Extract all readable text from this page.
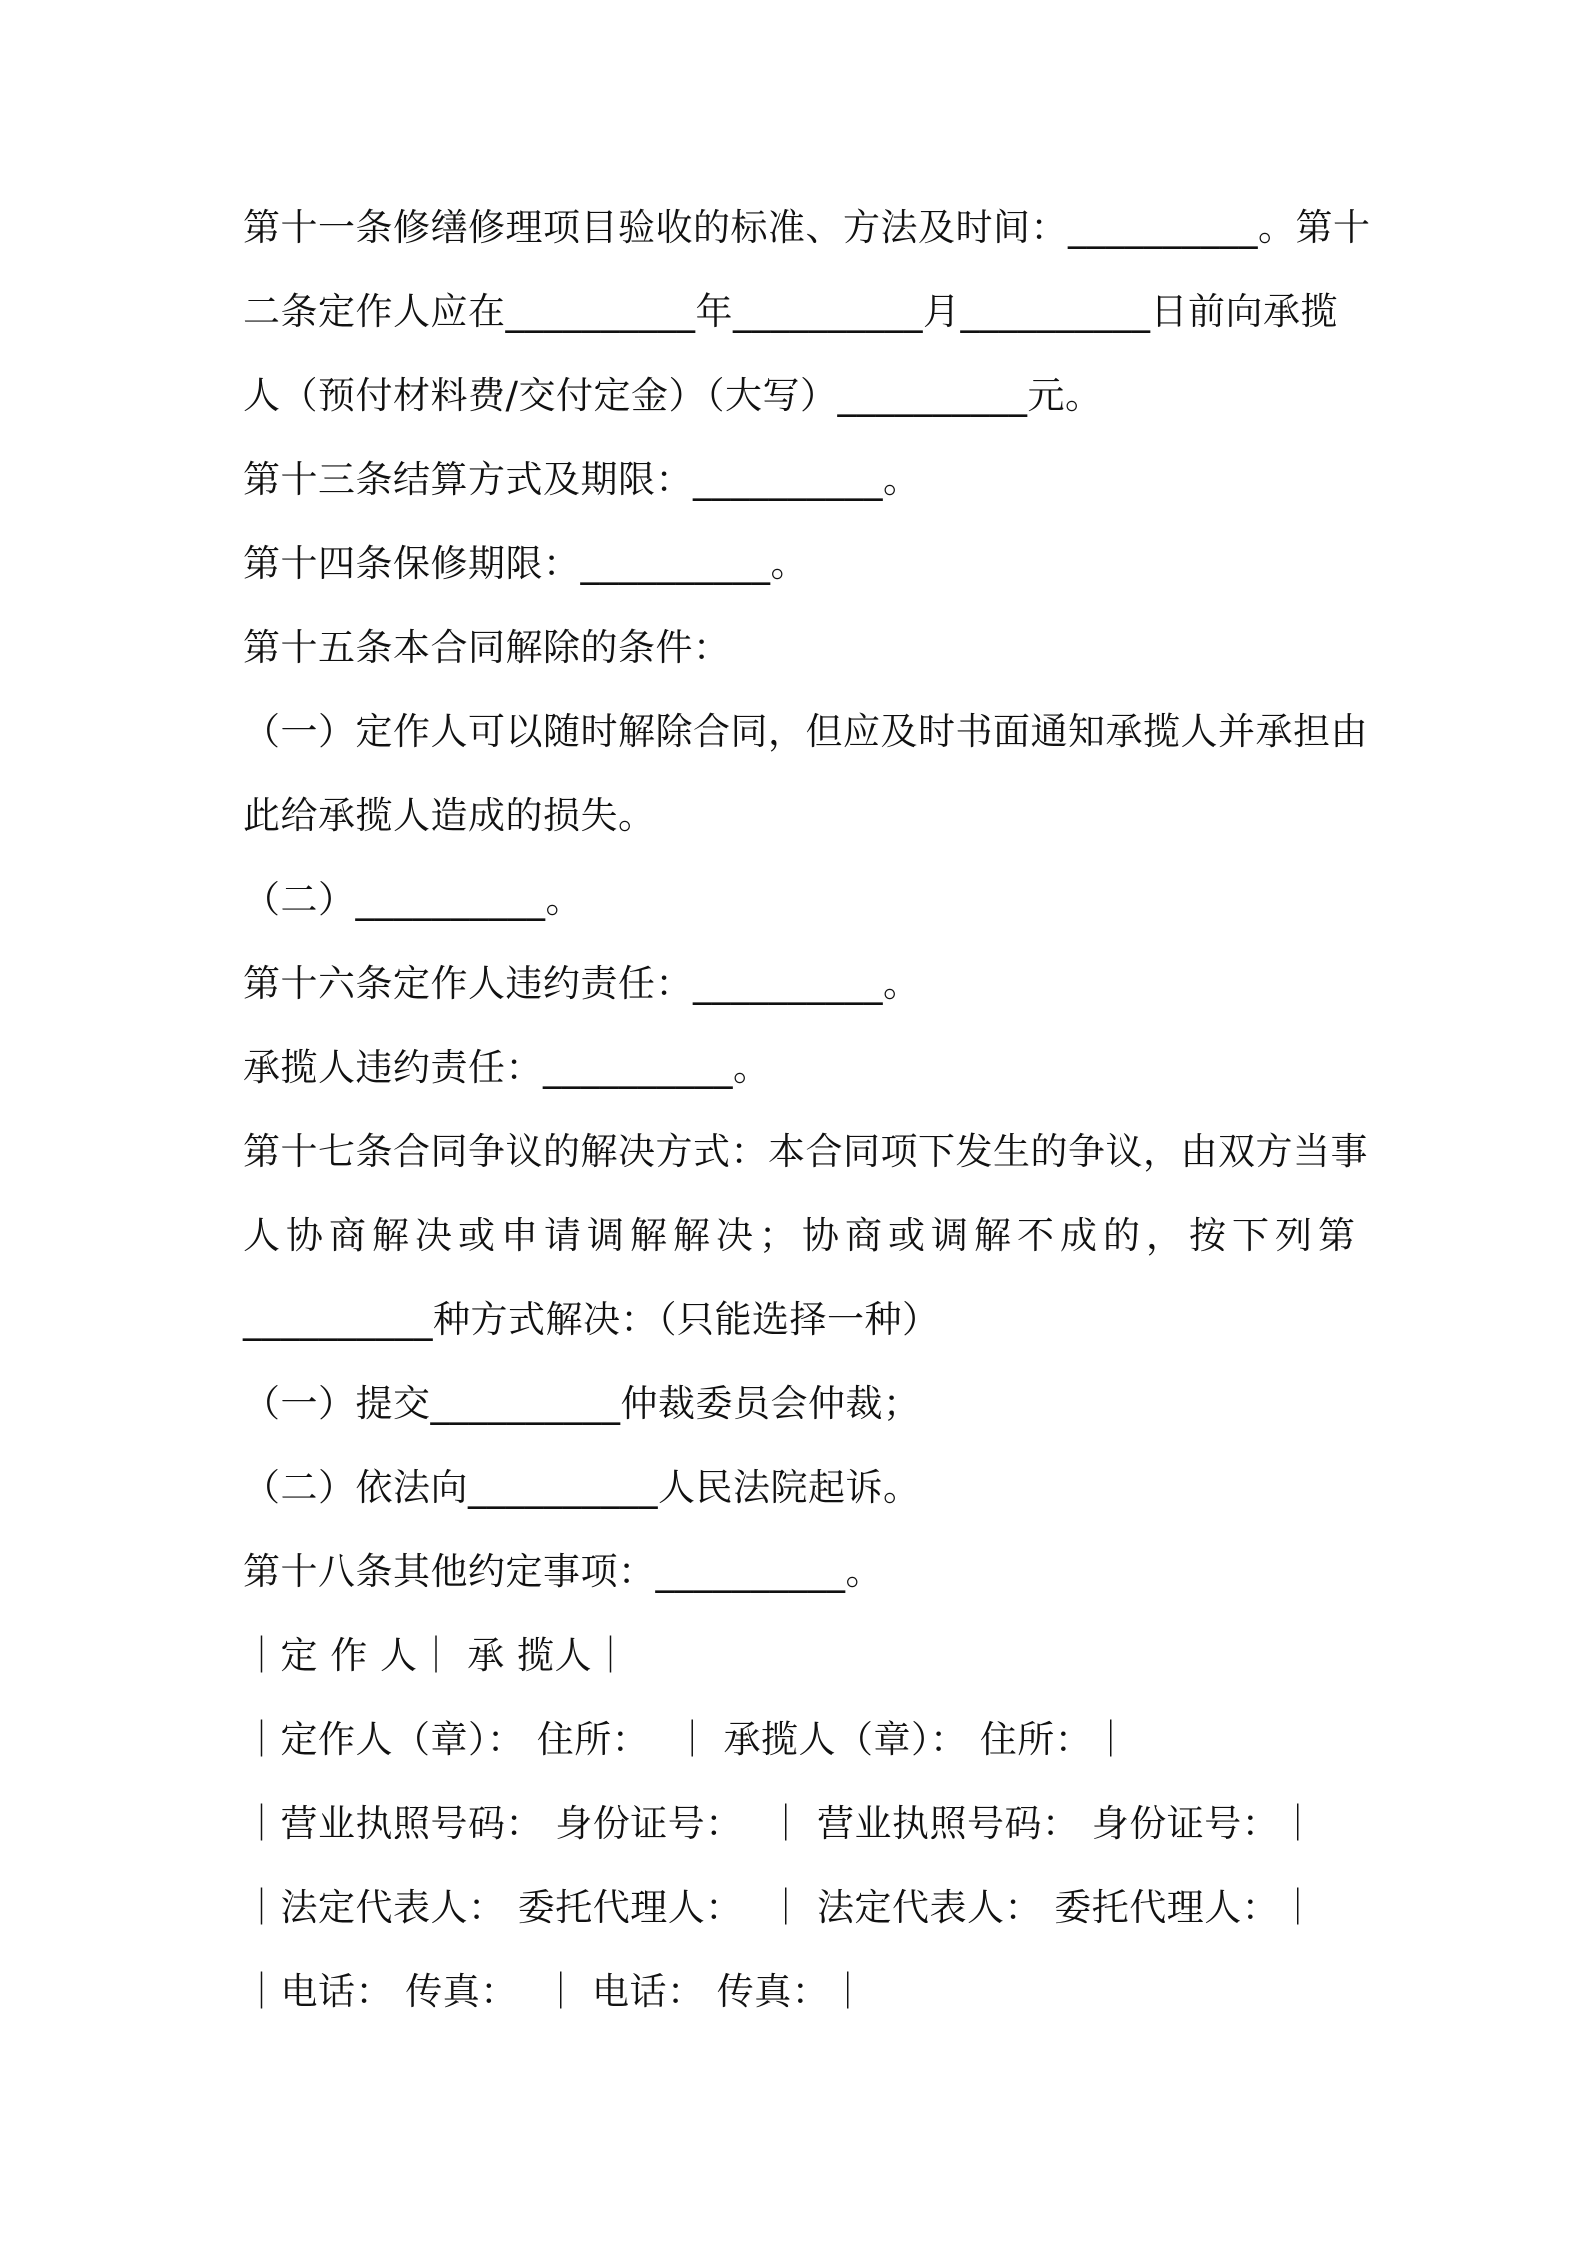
第十一条修缮修理项目验收的标准、方法及时间：__________。第十
二条定作人应在__________年__________月__________日前向承揽
人（预付材料费/交付定金）（大写）__________元。
第十三条结算方式及期限：__________。
第十四条保修期限：__________。
第十五条本合同解除的条件：
（一）定作人可以随时解除合同，但应及时书面通知承揽人并承担由
此给承揽人造成的损失。
（二）__________。
第十六条定作人违约责任：__________。
承揽人违约责任：__________。
第十七条合同争议的解决方式：本合同项下发生的争议，由双方当事
人协商解决或申请调解解决；协商或调解不成的，按下列第
__________种方式解决：（只能选择一种）
（一）提交__________仲裁委员会仲裁；
（二）依法向__________人民法院起诉。
第十八条其他约定事项：__________。
｜定 作 人｜ 承 揽人｜
｜定作人（章）： 住所：  ｜ 承揽人（章）： 住所：｜
｜营业执照号码： 身份证号：  ｜ 营业执照号码： 身份证号：｜
｜法定代表人： 委托代理人：  ｜ 法定代表人： 委托代理人：｜
｜电话： 传真：  ｜ 电话： 传真：｜
